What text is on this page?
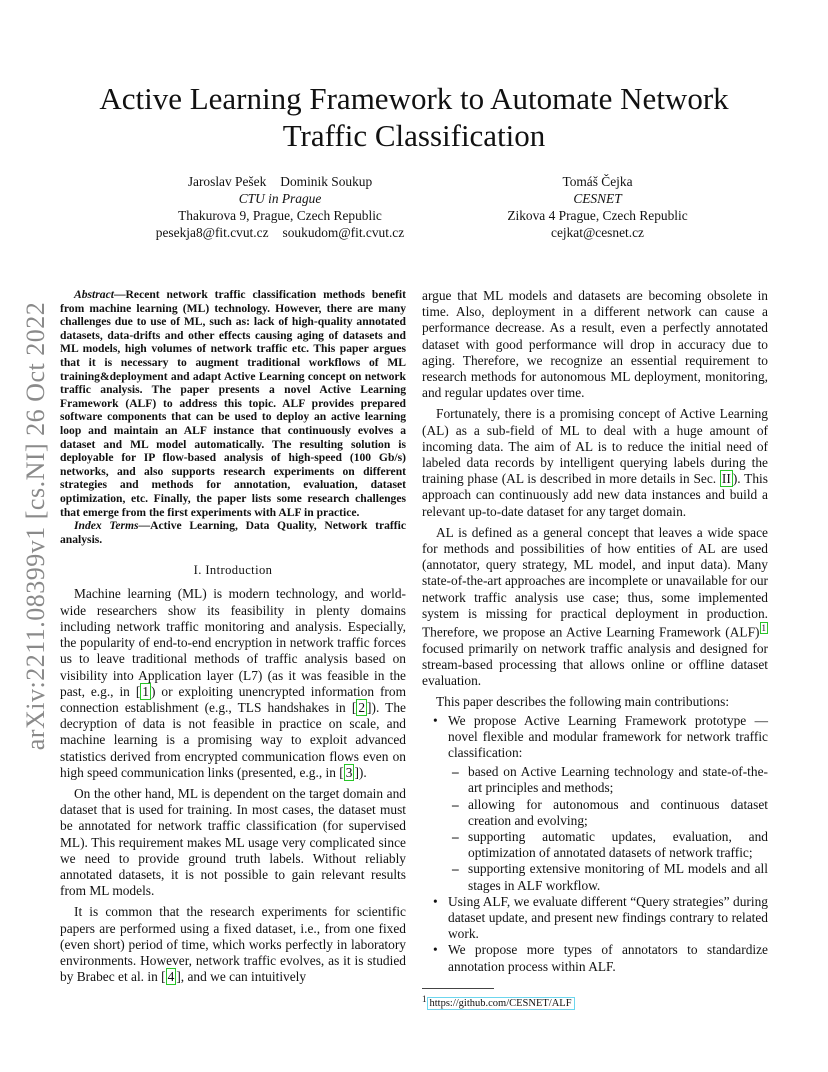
arXiv:2211.08399v1 [cs.NI] 26 Oct 2022
Active Learning Framework to Automate Network Traffic Classification
Jaroslav Pešek Dominik Soukup
CTU in Prague
Thakurova 9, Prague, Czech Republic
pesekja8@fit.cvut.cz soukudom@fit.cvut.cz
Tomáš Čejka
CESNET
Zikova 4 Prague, Czech Republic
cejkat@cesnet.cz

Abstract—Recent network traffic classification methods benefit from machine learning (ML) technology. However, there are many challenges due to use of ML, such as: lack of high-quality annotated datasets, data-drifts and other effects causing aging of datasets and ML models, high volumes of network traffic etc. This paper argues that it is necessary to augment traditional workflows of ML training&deployment and adapt Active Learning concept on network traffic analysis. The paper presents a novel Active Learning Framework (ALF) to address this topic. ALF provides prepared software components that can be used to deploy an active learning loop and maintain an ALF instance that continuously evolves a dataset and ML model automatically. The resulting solution is deployable for IP flow-based analysis of high-speed (100 Gb/s) networks, and also supports research experiments on different strategies and methods for annotation, evaluation, dataset optimization, etc. Finally, the paper lists some research challenges that emerge from the first experiments with ALF in practice.

Index Terms—Active Learning, Data Quality, Network traffic analysis.

I. Introduction

Machine learning (ML) is modern technology, and world-wide researchers show its feasibility in plenty domains including network traffic monitoring and analysis. Especially, the popularity of end-to-end encryption in network traffic forces us to leave traditional methods of traffic analysis based on visibility into Application layer (L7) (as it was feasible in the past, e.g., in [ 1 ) or exploiting unencrypted information from connection establishment (e.g., TLS handshakes in [ 2 ]). The decryption of data is not feasible in practice on scale, and machine learning is a promising way to exploit advanced statistics derived from encrypted communication flows even on high speed communication links (presented, e.g., in [ 3 ]).

On the other hand, ML is dependent on the target domain and dataset that is used for training. In most cases, the dataset must be annotated for network traffic classification (for supervised ML). This requirement makes ML usage very complicated since we need to provide ground truth labels. Without reliably annotated datasets, it is not possible to gain relevant results from ML models.

It is common that the research experiments for scientific papers are performed using a fixed dataset, i.e., from one fixed (even short) period of time, which works perfectly in laboratory environments. However, network traffic evolves, as it is studied by Brabec et al. in [ 4 ], and we can intuitively

argue that ML models and datasets are becoming obsolete in time. Also, deployment in a different network can cause a performance decrease. As a result, even a perfectly annotated dataset with good performance will drop in accuracy due to aging. Therefore, we recognize an essential requirement to research methods for autonomous ML deployment, monitoring, and regular updates over time.

Fortunately, there is a promising concept of Active Learning (AL) as a sub-field of ML to deal with a huge amount of incoming data. The aim of AL is to reduce the initial need of labeled data records by intelligent querying labels during the training phase (AL is described in more details in Sec. II ). This approach can continuously add new data instances and build a relevant up-to-date dataset for any target domain.

AL is defined as a general concept that leaves a wide space for methods and possibilities of how entities of AL are used (annotator, query strategy, ML model, and input data). Many state-of-the-art approaches are incomplete or unavailable for our network traffic analysis use case; thus, some implemented system is missing for practical deployment in production. Therefore, we propose an Active Learning Framework (ALF) $^1$ focused primarily on network traffic analysis and designed for stream-based processing that allows online or offline dataset evaluation.

This paper describes the following main contributions:

• We propose Active Learning Framework prototype — novel flexible and modular framework for network traffic classification:
– based on Active Learning technology and state-of-the-art principles and methods;
– allowing for autonomous and continuous dataset creation and evolving;
– supporting automatic updates, evaluation, and optimization of annotated datasets of network traffic;
– supporting extensive monitoring of ML models and all stages in ALF workflow.
• Using ALF, we evaluate different “Query strategies” during dataset update, and present new findings contrary to related work.
• We propose more types of annotators to standardize annotation process within ALF.
$^1$ https://github.com/CESNET/ALF
